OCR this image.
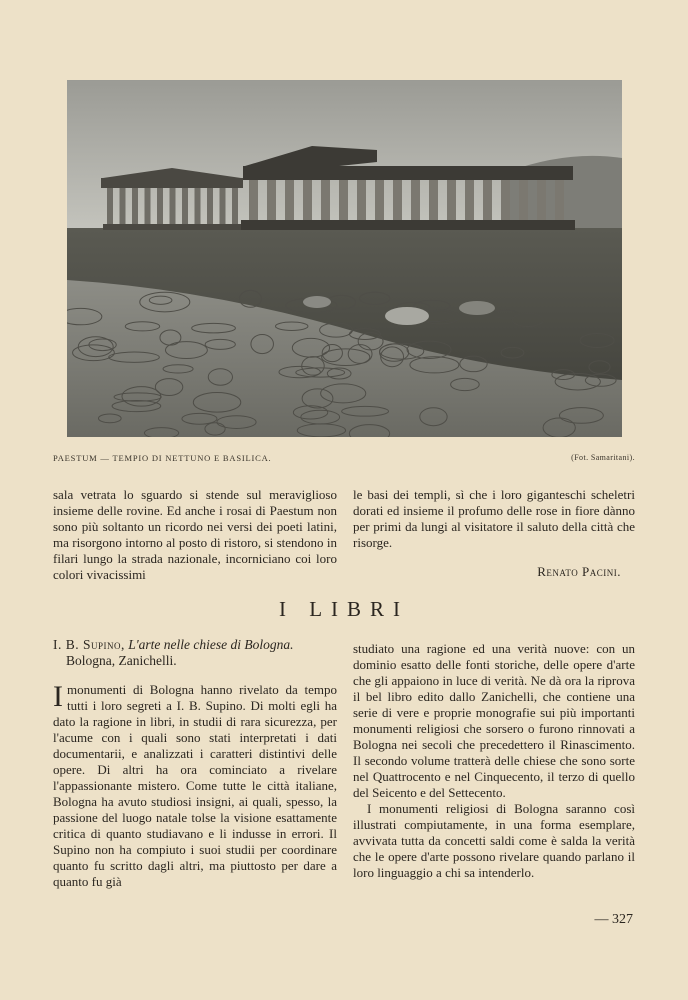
PAESTUM — TEMPIO DI NETTUNO E BASILICA.	(Fot. Samaritani).

sala vetrata lo sguardo si stende sul meraviglioso insieme delle rovine. Ed anche i rosai di Paestum non sono più soltanto un ricordo nei versi dei poeti latini, ma risorgono intorno al posto di ristoro, si stendono in filari lungo la strada nazionale, incorniciano coi loro colori vivacissimi

le basi dei templi, sì che i loro giganteschi scheletri dorati ed insieme il profumo delle rose in fiore dànno per primi da lungi al visitatore il saluto della città che risorge.

Renato Pacini.
I LIBRI
I. B. Supino, L'arte nelle chiese di Bologna.
Bologna, Zanichelli.

Imonumenti di Bologna hanno rivelato da tempo tutti i loro segreti a I. B. Supino. Di molti egli ha dato la ragione in libri, in studii di rara sicurezza, per l'acume con i quali sono stati interpretati i dati documentarii, e analizzati i caratteri distintivi delle opere. Di altri ha ora cominciato a rivelare l'appassionante mistero. Come tutte le città italiane, Bologna ha avuto studiosi insigni, ai quali, spesso, la passione del luogo natale tolse la visione esattamente critica di quanto studiavano e li indusse in errori. Il Supino non ha compiuto i suoi studii per coordinare quanto fu scritto dagli altri, ma piuttosto per dare a quanto fu già

studiato una ragione ed una verità nuove: con un dominio esatto delle fonti storiche, delle opere d'arte che gli appaiono in luce di verità. Ne dà ora la riprova il bel libro edito dallo Zanichelli, che contiene una serie di vere e proprie monografie sui più importanti monumenti religiosi che sorsero o furono rinnovati a Bologna nei secoli che precedettero il Rinascimento. Il secondo volume tratterà delle chiese che sono sorte nel Quattrocento e nel Cinquecento, il terzo di quello del Seicento e del Settecento.

I monumenti religiosi di Bologna saranno così illustrati compiutamente, in una forma esemplare, avvivata tutta da concetti saldi come è salda la verità che le opere d'arte possono rivelare quando parlano il loro linguaggio a chi sa intenderlo.

— 327
